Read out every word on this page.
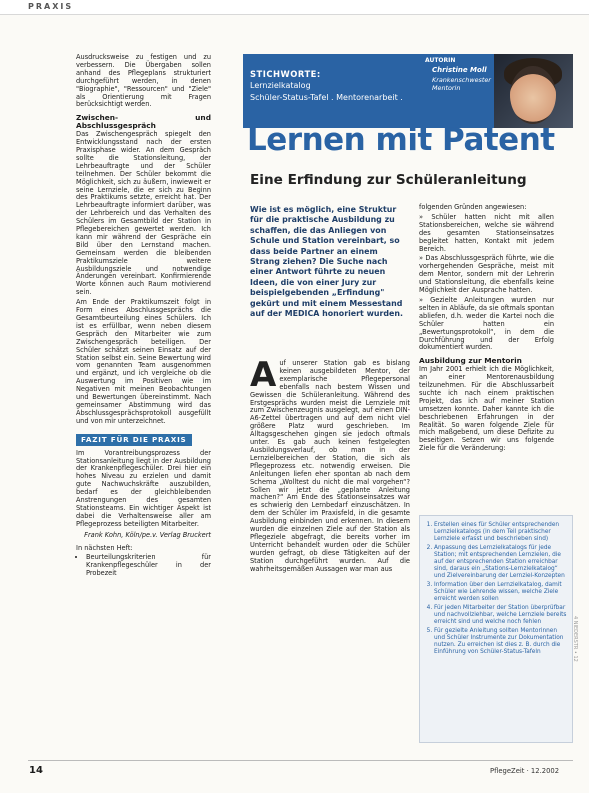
PRAXIS

Ausdrucksweise zu festigen und zu verbessern. Die Übergaben sollen anhand des Pflegeplans strukturiert durchgeführt werden, in denen "Biographie", "Ressourcen" und "Ziele" als Orientierung mit Fragen berücksichtigt werden.

Zwischen- und Abschlussgespräch

Das Zwischengespräch spiegelt den Entwicklungsstand nach der ersten Praxisphase wider. An dem Gespräch sollte die Stationsleitung, der Lehrbeauftragte und der Schüler teilnehmen. Der Schüler bekommt die Möglichkeit, sich zu äußern, inwieweit er seine Lernziele, die er sich zu Beginn des Praktikums setzte, erreicht hat. Der Lehrbeauftragte informiert darüber, was der Lehrbereich und das Verhalten des Schülers im Gesamtbild der Station in Pflegebereichen gewertet werden. Ich kann mir während der Gespräche ein Bild über den Lernstand machen. Gemeinsam werden die bleibenden Praktikumsziele weitere Ausbildungsziele und notwendige Änderungen vereinbart. Konfirmierende Worte können auch Raum motivierend sein.

Am Ende der Praktikumszeit folgt in Form eines Abschlussgesprächs die Gesamtbeurteilung eines Schülers. Ich ist es erfüllbar, wenn neben diesem Gespräch den Mitarbeiter wie zum Zwischengespräch beteiligen. Der Schüler schätzt seinen Einsatz auf der Station selbst ein. Seine Bewertung wird vom genannten Team ausgenommen und ergänzt, und ich vergleiche ob die Auswertung im Positiven wie im Negativen mit meinen Beobachtungen und Bewertungen übereinstimmt. Nach gemeinsamer Abstimmung wird das Abschlussgesprächsprotokoll ausgefüllt und von mir unterzeichnet.

FAZIT FÜR DIE PRAXIS

Im Vorantreibungsprozess der Stationsanleitung liegt in der Ausbildung der Krankenpflegeschüler. Drei hier ein hohes Niveau zu erzielen und damit gute Nachwuchskräfte auszubilden, bedarf es der gleichbleibenden Anstrengungen des gesamten Stationsteams. Ein wichtiger Aspekt ist dabei die Verhaltensweise aller am Pflegeprozess beteiligten Mitarbeiter.

Frank Kohn, Köln/pe.v. Verlag Bruckert

In nächsten Heft:

• Beurteilungskriterien für Krankenpflegeschüler in der Probezeit
STICHWORTE:
Lernzielkatalog
Schüler-Status-Tafel . Mentorenarbeit .
AUTORIN
Christine Moll
Krankenschwester Mentorin
Lernen mit Patent
Eine Erfindung zur Schüleranleitung
Wie ist es möglich, eine Struktur für die praktische Ausbildung zu schaffen, die das Anliegen von Schule und Station vereinbart, so dass beide Partner an einem Strang ziehen? Die Suche nach einer Antwort führte zu neuen Ideen, die von einer Jury zur beispielgebenden „Erfindung" gekürt und mit einem Messestand auf der MEDICA honoriert wurden.
A uf unserer Station gab es bislang keinen ausgebildeten Mentor, der exemplarische Pflegepersonal ebenfalls nach bestem Wissen und Gewissen die Schüleranleitung. Während des Erstgesprächs wurden meist die Lernziele mit zum Zwischenzeugnis ausgelegt, auf einen DIN-A6-Zettel übertragen und auf dem nicht viel größere Platz wurd geschrieben. Im Alltagsgeschehen gingen sie jedoch oftmals unter. Es gab auch keinen festgelegten Ausbildungsverlauf, ob man in der Lernzielbereichen der Station, die sich als Pflegeprozess etc. notwendig erweisen. Die Anleitungen liefen eher spontan ab nach dem Schema „Wolltest du nicht die mal vorgehen“? Sollen wir jetzt die „geplante Anleitung machen?“ Am Ende des Stationseinsatzes war es schwierig den Lernbedarf einzuschätzen. In dem der Schüler im Praxisfeld, in die gesamte Ausbildung einbinden und erkennen. In diesem wurden die einzelnen Ziele auf der Station als Pflegeziele abgefragt, die bereits vorher im Unterricht behandelt wurden oder die Schüler wurden gefragt, ob diese Tätigkeiten auf der Station durchgeführt wurden. Auf die wahrheitsgemäßen Aussagen war man aus

folgenden Gründen angewiesen:

» Schüler hatten nicht mit allen Stationsbereichen, welche sie während des gesamten Stationseinsatzes begleitet hatten, Kontakt mit jedem Bereich.

» Das Abschlussgespräch führte, wie die vorhergehenden Gespräche, meist mit dem Mentor, sondern mit der Lehrerin und Stationsleitung, die ebenfalls keine Möglichkeit der Ausprache hatten.

» Gezielte Anleitungen wurden nur selten in Abläufe, da sie oftmals spontan abliefen, d.h. weder die Kartei noch die Schüler hatten ein „Bewertungsprotokoll“, in dem die Durchführung und der Erfolg dokumentiert wurden.

Ausbildung zur Mentorin

Im Jahr 2001 erhielt ich die Möglichkeit, an einer Mentorenausbildung teilzunehmen. Für die Abschlussarbeit suchte ich nach einem praktischen Projekt, das ich auf meiner Station umsetzen konnte. Daher kannte ich die beschriebenen Erfahrungen in der Realität. So waren folgende Ziele für mich maßgebend, um diese Defizite zu beseitigen. Setzen wir uns folgende Ziele für die Veränderung:

1. Erstellen eines für Schüler entsprechenden Lernzielkatalogs (in dem Teil praktischer Lernziele erfasst und beschrieben sind)
2. Anpassung des Lernzielkatalogs für jede Station; mit entsprechenden Lernzielen, die auf der entsprechenden Station erreichbar sind, daraus ein „Stations-Lernzielkatalog“ und Zielvereinbarung der Lernziel-Konzepten
3. Information über den Lernzielkatalog, damit Schüler wie Lehrende wissen, welche Ziele erreicht werden sollen
4. Für jeden Mitarbeiter der Station überprüfbar und nachvollziehbar, welche Lernziele bereits erreicht sind und welche noch fehlen
5. Für gezielte Anleitung sollten Mentorinnen und Schüler Instrumente zur Dokumentation nutzen. Zu erreichen ist dies z. B. durch die Einführung von Schüler-Status-Tafeln	4 NIEDERSTR • 12
14	PflegeZeit · 12.2002
